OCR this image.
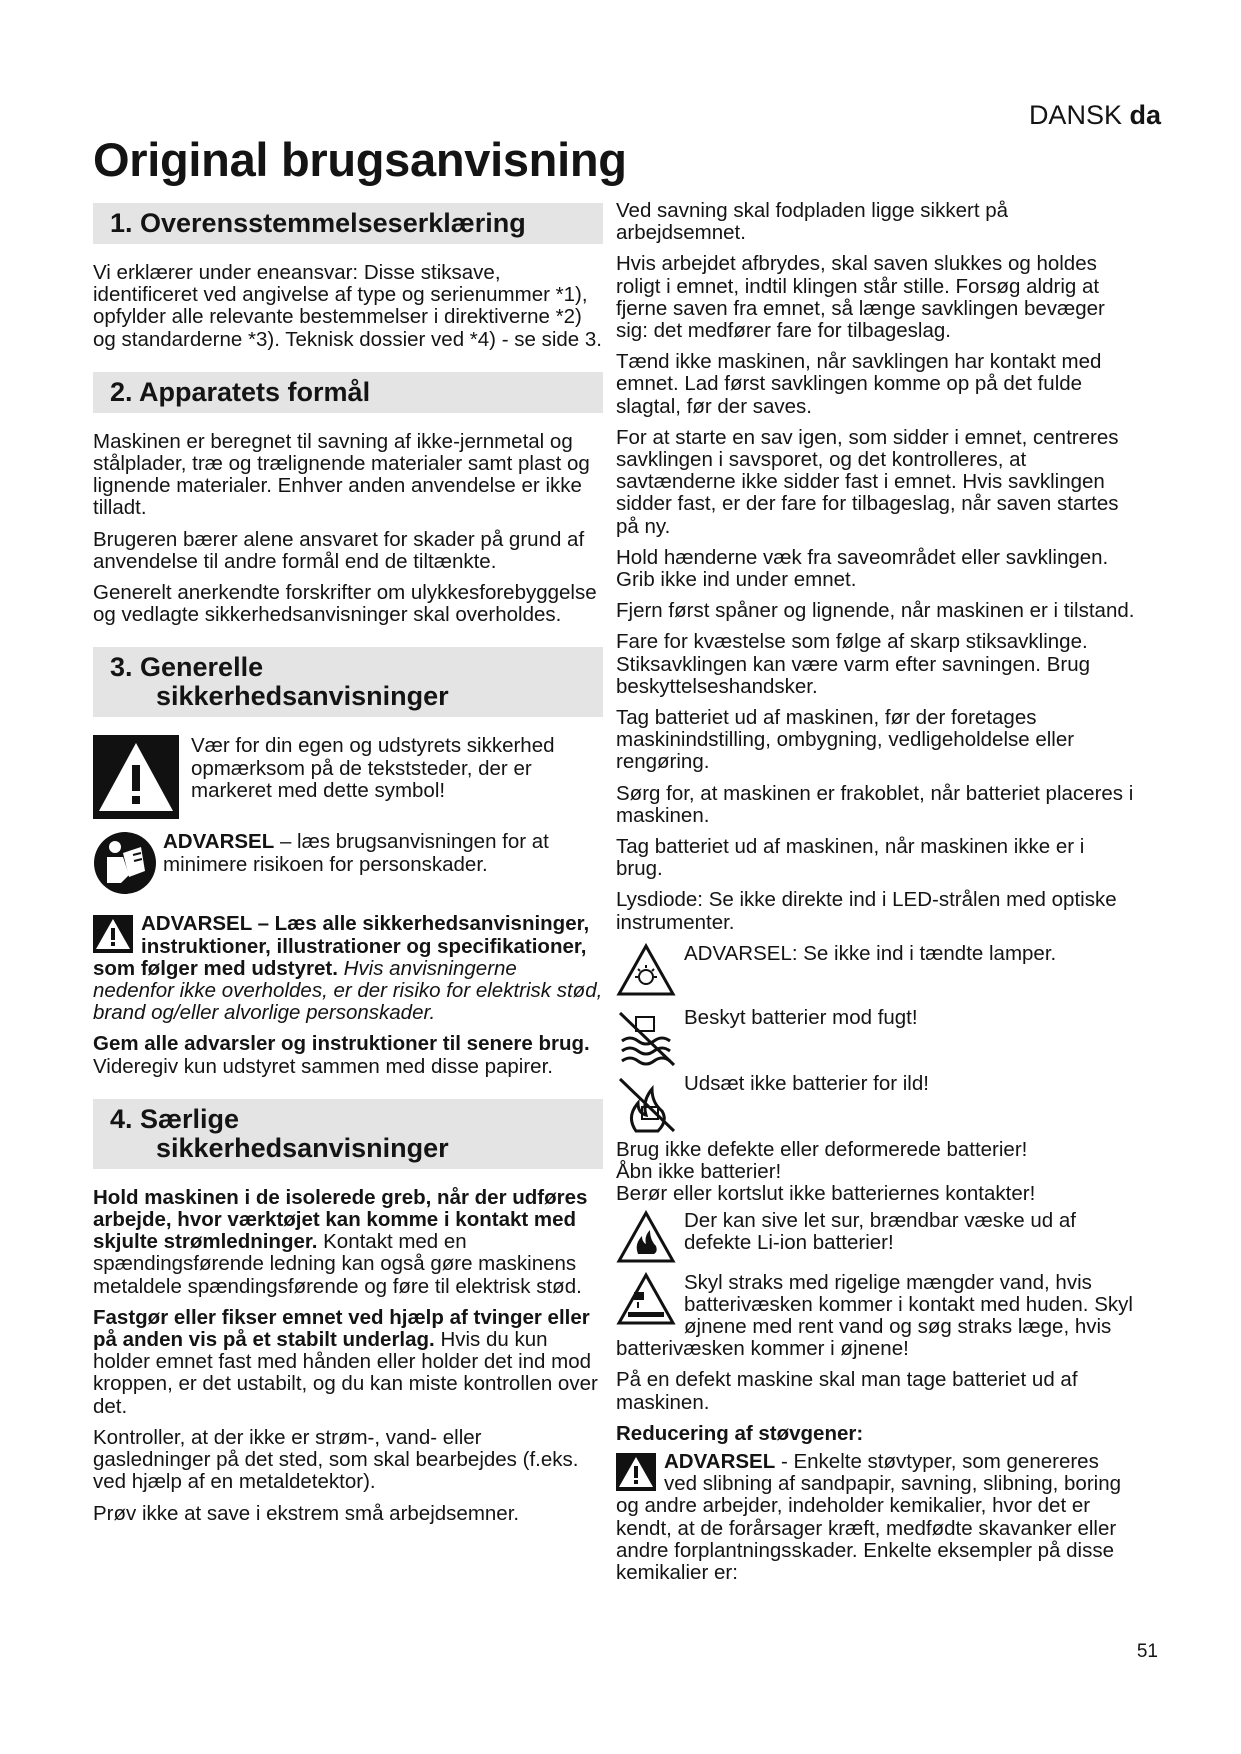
DANSK da
Original brugsanvisning
1. Overensstemmelseserklæring

Vi erklærer under eneansvar: Disse stiksave, identificeret ved angivelse af type og serienummer *1), opfylder alle relevante bestemmelser i direktiverne *2) og standarderne *3). Teknisk dossier ved *4) - se side 3.

2. Apparatets formål

Maskinen er beregnet til savning af ikke-jernmetal og stålplader, træ og trælignende materialer samt plast og lignende materialer. Enhver anden anvendelse er ikke tilladt.

Brugeren bærer alene ansvaret for skader på grund af anvendelse til andre formål end de tiltænkte.

Generelt anerkendte forskrifter om ulykkesforebyggelse og vedlagte sikkerhedsanvisninger skal overholdes.

3. Generelle
sikkerhedsanvisninger
Vær for din egen og udstyrets sikkerhed opmærksom på de tekststeder, der er markeret med dette symbol!
ADVARSEL – læs brugsanvisningen for at minimere risikoen for personskader.

ADVARSEL – Læs alle sikkerhedsanvisninger, instruktioner, illustrationer og specifikationer, som følger med udstyret. Hvis anvisningerne nedenfor ikke overholdes, er der risiko for elektrisk stød, brand og/eller alvorlige personskader.

Gem alle advarsler og instruktioner til senere brug.
Videregiv kun udstyret sammen med disse papirer.

4. Særlige
sikkerhedsanvisninger

Hold maskinen i de isolerede greb, når der udføres arbejde, hvor værktøjet kan komme i kontakt med skjulte strømledninger. Kontakt med en spændingsførende ledning kan også gøre maskinens metaldele spændingsførende og føre til elektrisk stød.

Fastgør eller fikser emnet ved hjælp af tvinger eller på anden vis på et stabilt underlag. Hvis du kun holder emnet fast med hånden eller holder det ind mod kroppen, er det ustabilt, og du kan miste kontrollen over det.

Kontroller, at der ikke er strøm-, vand- eller gasledninger på det sted, som skal bearbejdes (f.eks. ved hjælp af en metaldetektor).

Prøv ikke at save i ekstrem små arbejdsemner.

Ved savning skal fodpladen ligge sikkert på arbejdsemnet.

Hvis arbejdet afbrydes, skal saven slukkes og holdes roligt i emnet, indtil klingen står stille. Forsøg aldrig at fjerne saven fra emnet, så længe savklingen bevæger sig: det medfører fare for tilbageslag.

Tænd ikke maskinen, når savklingen har kontakt med emnet. Lad først savklingen komme op på det fulde slagtal, før der saves.

For at starte en sav igen, som sidder i emnet, centreres savklingen i savsporet, og det kontrolleres, at savtænderne ikke sidder fast i emnet. Hvis savklingen sidder fast, er der fare for tilbageslag, når saven startes på ny.

Hold hænderne væk fra saveområdet eller savklingen. Grib ikke ind under emnet.

Fjern først spåner og lignende, når maskinen er i tilstand.

Fare for kvæstelse som følge af skarp stiksavklinge. Stiksavklingen kan være varm efter savningen. Brug beskyttelseshandsker.

Tag batteriet ud af maskinen, før der foretages maskinindstilling, ombygning, vedligeholdelse eller rengøring.

Sørg for, at maskinen er frakoblet, når batteriet placeres i maskinen.

Tag batteriet ud af maskinen, når maskinen ikke er i brug.

Lysdiode: Se ikke direkte ind i LED-strålen med optiske instrumenter.

ADVARSEL: Se ikke ind i tændte lamper.
Beskyt batterier mod fugt!
Udsæt ikke batterier for ild!

Brug ikke defekte eller deformerede batterier!

Åbn ikke batterier!

Berør eller kortslut ikke batteriernes kontakter!

Der kan sive let sur, brændbar væske ud af defekte Li-ion batterier!

Skyl straks med rigelige mængder vand, hvis batterivæsken kommer i kontakt med huden. Skyl øjnene med rent vand og søg straks læge, hvis batterivæsken kommer i øjnene!

På en defekt maskine skal man tage batteriet ud af maskinen.

Reducering af støvgener:

ADVARSEL - Enkelte støvtyper, som genereres ved slibning af sandpapir, savning, slibning, boring og andre arbejder, indeholder kemikalier, hvor det er kendt, at de forårsager kræft, medfødte skavanker eller andre forplantningsskader. Enkelte eksempler på disse kemikalier er:

51
